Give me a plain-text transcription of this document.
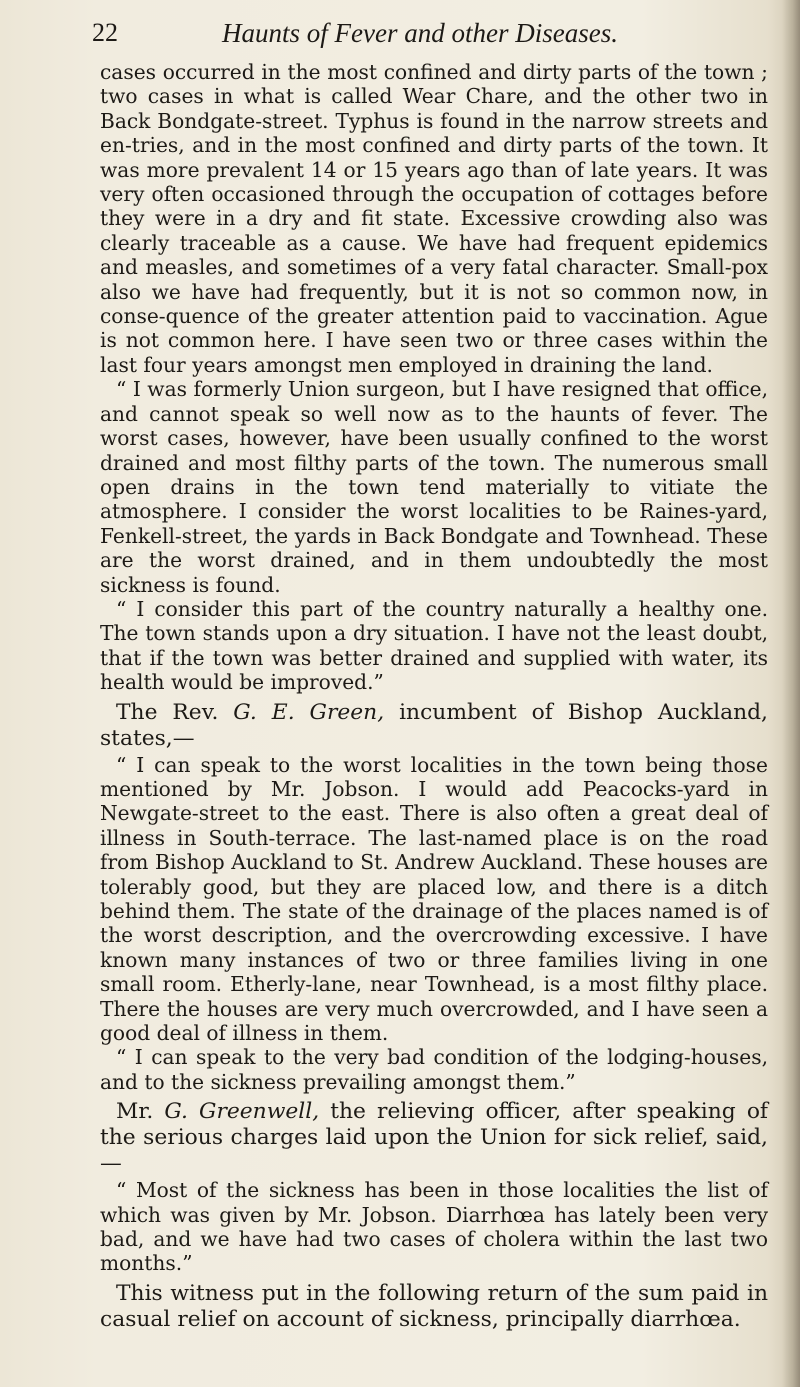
22	Haunts of Fever and other Diseases.

cases occurred in the most confined and dirty parts of the town ; two cases in what is called Wear Chare, and the other two in Back Bondgate-street. Typhus is found in the narrow streets and en-tries, and in the most confined and dirty parts of the town. It was more prevalent 14 or 15 years ago than of late years. It was very often occasioned through the occupation of cottages before they were in a dry and fit state. Excessive crowding also was clearly traceable as a cause. We have had frequent epidemics and measles, and sometimes of a very fatal character. Small-pox also we have had frequently, but it is not so common now, in conse-quence of the greater attention paid to vaccination. Ague is not common here. I have seen two or three cases within the last four years amongst men employed in draining the land.

“ I was formerly Union surgeon, but I have resigned that office, and cannot speak so well now as to the haunts of fever. The worst cases, however, have been usually confined to the worst drained and most filthy parts of the town. The numerous small open drains in the town tend materially to vitiate the atmosphere. I consider the worst localities to be Raines-yard, Fenkell-street, the yards in Back Bondgate and Townhead. These are the worst drained, and in them undoubtedly the most sickness is found.

“ I consider this part of the country naturally a healthy one. The town stands upon a dry situation. I have not the least doubt, that if the town was better drained and supplied with water, its health would be improved.”

The Rev. G. E. Green, incumbent of Bishop Auckland, states,—

“ I can speak to the worst localities in the town being those mentioned by Mr. Jobson. I would add Peacocks-yard in Newgate-street to the east. There is also often a great deal of illness in South-terrace. The last-named place is on the road from Bishop Auckland to St. Andrew Auckland. These houses are tolerably good, but they are placed low, and there is a ditch behind them. The state of the drainage of the places named is of the worst description, and the overcrowding excessive. I have known many instances of two or three families living in one small room. Etherly-lane, near Townhead, is a most filthy place. There the houses are very much overcrowded, and I have seen a good deal of illness in them.

“ I can speak to the very bad condition of the lodging-houses, and to the sickness prevailing amongst them.”

Mr. G. Greenwell, the relieving officer, after speaking of the serious charges laid upon the Union for sick relief, said,—

“ Most of the sickness has been in those localities the list of which was given by Mr. Jobson. Diarrhœa has lately been very bad, and we have had two cases of cholera within the last two months.”

This witness put in the following return of the sum paid in casual relief on account of sickness, principally diarrhœa.
